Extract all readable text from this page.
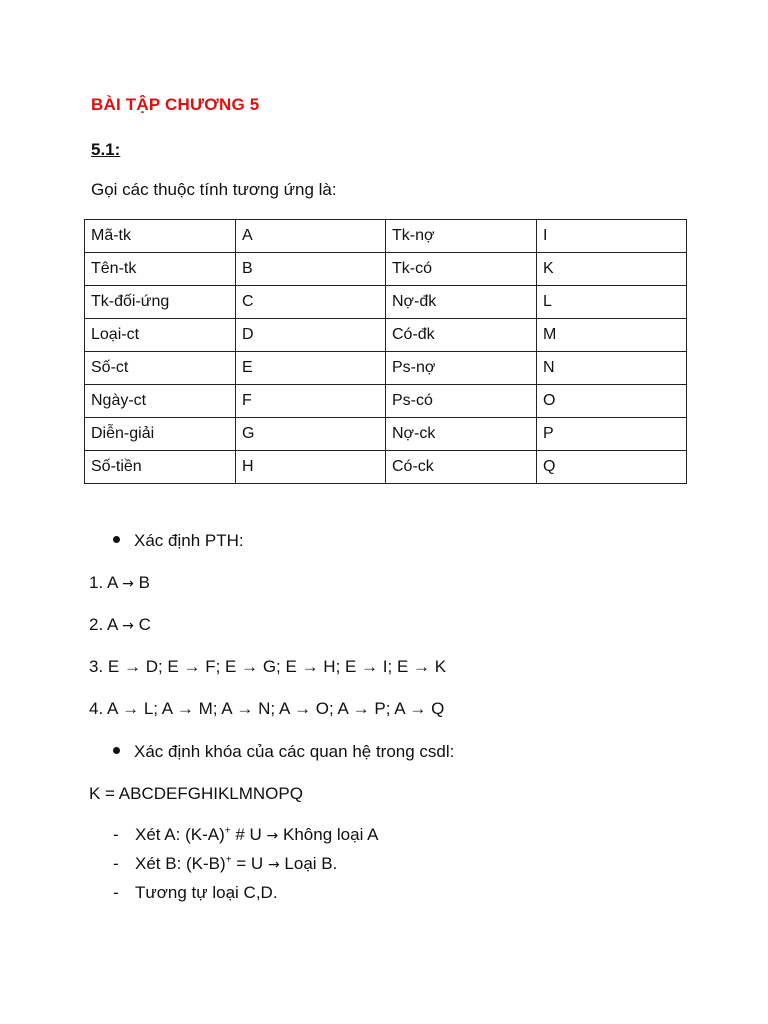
BÀI TẬP CHƯƠNG 5
5.1:
Gọi các thuộc tính tương ứng là:
Mã-tk	A	Tk-nợ	I
Tên-tk	B	Tk-có	K
Tk-đối-ứng	C	Nợ-đk	L
Loại-ct	D	Có-đk	M
Số-ct	E	Ps-nợ	N
Ngày-ct	F	Ps-có	O
Diễn-giải	G	Nợ-ck	P
Số-tiền	H	Có-ck	Q
Xác định PTH:
1. A → B
2. A → C
3. E → D; E → F; E → G; E → H; E → I; E → K
4. A → L; A → M; A → N; A → O; A → P; A → Q
Xác định khóa của các quan hệ trong csdl:
K = ABCDEFGHIKLMNOPQ
- Xét A: (K-A)+ # U → Không loại A
- Xét B: (K-B)+ = U → Loại B.
- Tương tự loại C,D.
